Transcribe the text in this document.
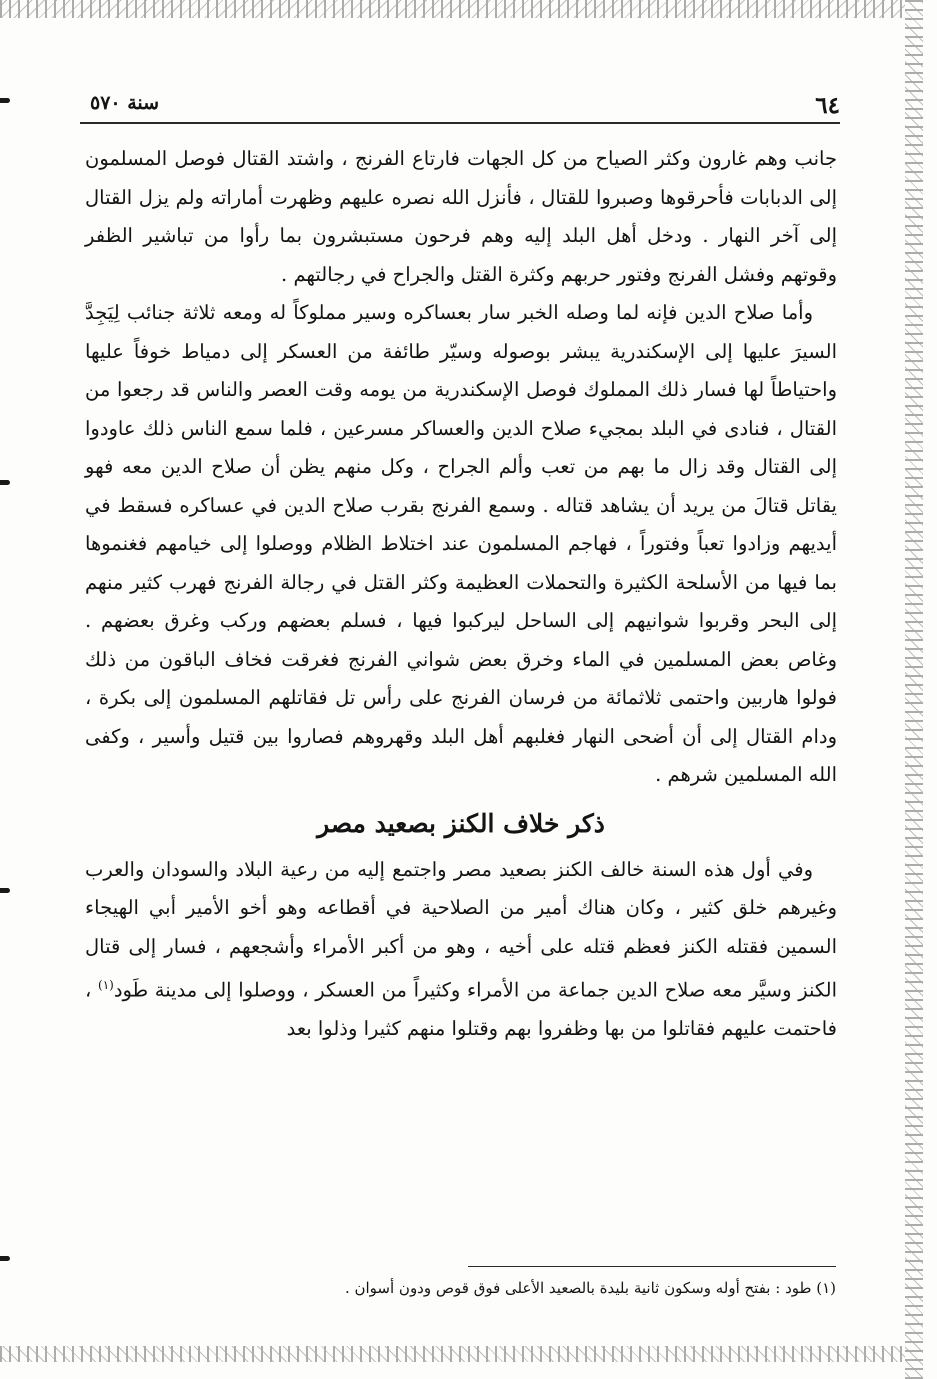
٦٤
سنة ٥٧٠

جانب وهم غارون وكثر الصياح من كل الجهات فارتاع الفرنج ، واشتد القتال فوصل المسلمون إلى الدبابات فأحرقوها وصبروا للقتال ، فأنزل الله نصره عليهم وظهرت أماراته ولم يزل القتال إلى آخر النهار . ودخل أهل البلد إليه وهم فرحون مستبشرون بما رأوا من تباشير الظفر وقوتهم وفشل الفرنج وفتور حربهم وكثرة القتل والجراح في رجالتهم .

وأما صلاح الدين فإنه لما وصله الخبر سار بعساكره وسير مملوكاً له ومعه ثلاثة جنائب لِيَجِدَّ السيرَ عليها إلى الإسكندرية يبشر بوصوله وسيّر طائفة من العسكر إلى دمياط خوفاً عليها واحتياطاً لها فسار ذلك المملوك فوصل الإسكندرية من يومه وقت العصر والناس قد رجعوا من القتال ، فنادى في البلد بمجيء صلاح الدين والعساكر مسرعين ، فلما سمع الناس ذلك عاودوا إلى القتال وقد زال ما بهم من تعب وألم الجراح ، وكل منهم يظن أن صلاح الدين معه فهو يقاتل قتالَ من يريد أن يشاهد قتاله . وسمع الفرنج بقرب صلاح الدين في عساكره فسقط في أيديهم وزادوا تعباً وفتوراً ، فهاجم المسلمون عند اختلاط الظلام ووصلوا إلى خيامهم فغنموها بما فيها من الأسلحة الكثيرة والتحملات العظيمة وكثر القتل في رجالة الفرنج فهرب كثير منهم إلى البحر وقربوا شوانيهم إلى الساحل ليركبوا فيها ، فسلم بعضهم وركب وغرق بعضهم . وغاص بعض المسلمين في الماء وخرق بعض شواني الفرنج فغرقت فخاف الباقون من ذلك فولوا هاربين واحتمى ثلاثمائة من فرسان الفرنج على رأس تل فقاتلهم المسلمون إلى بكرة ، ودام القتال إلى أن أضحى النهار فغلبهم أهل البلد وقهروهم فصاروا بين قتيل وأسير ، وكفى الله المسلمين شرهم .

ذكر خلاف الكنز بصعيد مصر

وفي أول هذه السنة خالف الكنز بصعيد مصر واجتمع إليه من رعية البلاد والسودان والعرب وغيرهم خلق كثير ، وكان هناك أمير من الصلاحية في أقطاعه وهو أخو الأمير أبي الهيجاء السمين فقتله الكنز فعظم قتله على أخيه ، وهو من أكبر الأمراء وأشجعهم ، فسار إلى قتال الكنز وسيَّر معه صلاح الدين جماعة من الأمراء وكثيراً من العسكر ، ووصلوا إلى مدينة طَود$^{(١)}$ ، فاحتمت عليهم فقاتلوا من بها وظفروا بهم وقتلوا منهم كثيرا وذلوا بعد

(١) طود : بفتح أوله وسكون ثانية بليدة بالصعيد الأعلى فوق قوص ودون أسوان .
